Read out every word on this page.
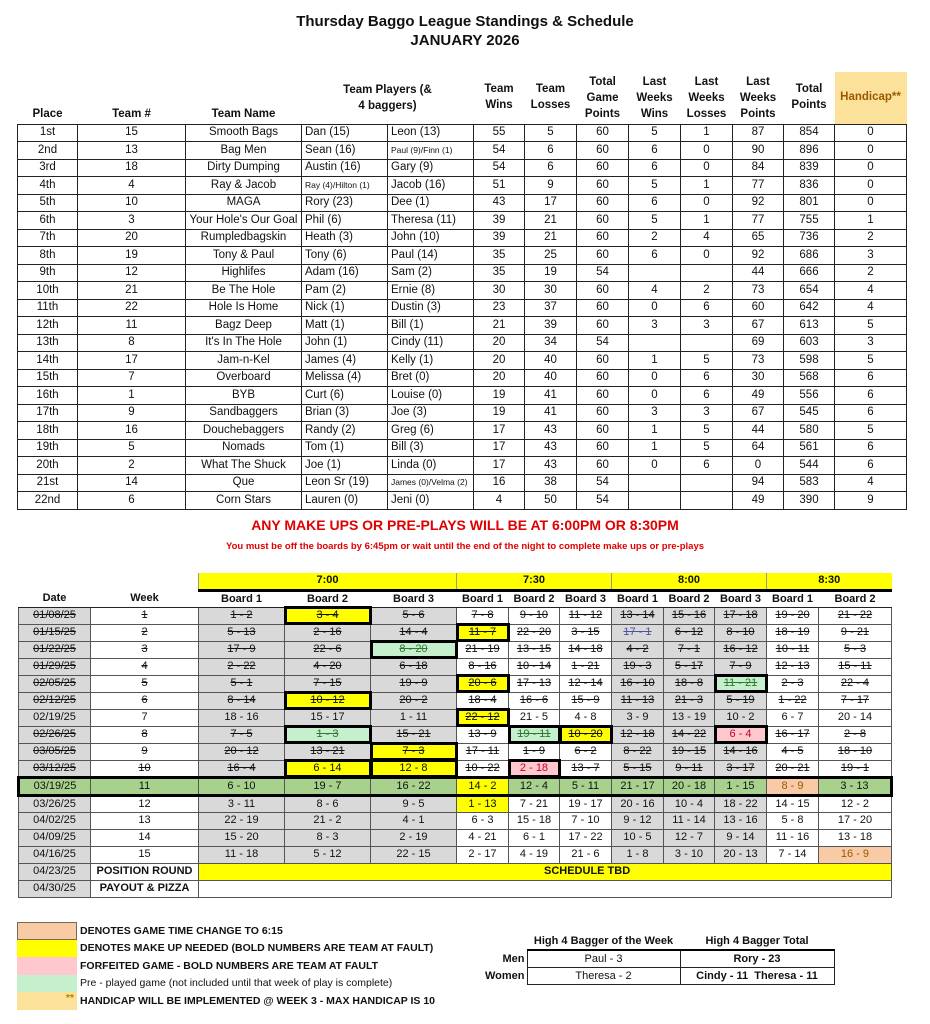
Thursday Baggo League Standings & Schedule
JANUARY 2026
Place	Team #	Team Name	Team Players (& 4 baggers)		Team Wins	Team Losses	Total Game Points	Last Weeks Wins	Last Weeks Losses	Last Weeks Points	Total Points	Handicap**
1st	15	Smooth Bags	Dan (15)	Leon (13)	55	5	60	5	1	87	854	0
2nd	13	Bag Men	Sean (16)	Paul (9)/Finn (1)	54	6	60	6	0	90	896	0
3rd	18	Dirty Dumping	Austin (16)	Gary (9)	54	6	60	6	0	84	839	0
4th	4	Ray & Jacob	Ray (4)/Hilton (1)	Jacob (16)	51	9	60	5	1	77	836	0
5th	10	MAGA	Rory (23)	Dee (1)	43	17	60	6	0	92	801	0
6th	3	Your Hole's Our Goal	Phil (6)	Theresa (11)	39	21	60	5	1	77	755	1
7th	20	Rumpledbagskin	Heath (3)	John (10)	39	21	60	2	4	65	736	2
8th	19	Tony & Paul	Tony (6)	Paul (14)	35	25	60	6	0	92	686	3
9th	12	Highlifes	Adam (16)	Sam (2)	35	19	54			44	666	2
10th	21	Be The Hole	Pam (2)	Ernie (8)	30	30	60	4	2	73	654	4
11th	22	Hole Is Home	Nick (1)	Dustin (3)	23	37	60	0	6	60	642	4
12th	11	Bagz Deep	Matt (1)	Bill (1)	21	39	60	3	3	67	613	5
13th	8	It's In The Hole	John (1)	Cindy (11)	20	34	54			69	603	3
14th	17	Jam-n-Kel	James (4)	Kelly (1)	20	40	60	1	5	73	598	5
15th	7	Overboard	Melissa (4)	Bret (0)	20	40	60	0	6	30	568	6
16th	1	BYB	Curt (6)	Louise (0)	19	41	60	0	6	49	556	6
17th	9	Sandbaggers	Brian (3)	Joe (3)	19	41	60	3	3	67	545	6
18th	16	Douchebaggers	Randy (2)	Greg (6)	17	43	60	1	5	44	580	5
19th	5	Nomads	Tom (1)	Bill (3)	17	43	60	1	5	64	561	6
20th	2	What The Shuck	Joe (1)	Linda (0)	17	43	60	0	6	0	544	6
21st	14	Que	Leon Sr (19)	James (0)/Velma (2)	16	38	54			94	583	4
22nd	6	Corn Stars	Lauren (0)	Jeni (0)	4	50	54			49	390	9
ANY MAKE UPS OR PRE-PLAYS WILL BE AT 6:00PM OR 8:30PM
You must be off the boards by 6:45pm or wait until the end of the night to complete make ups or pre-plays
		7:00			7:30			8:00			8:30	
Date	Week	Board 1	Board 2	Board 3	Board 1	Board 2	Board 3	Board 1	Board 2	Board 3	Board 1	Board 2
01/08/25	1	1 - 2	3 - 4	5 - 6	7 - 8	9 - 10	11 - 12	13 - 14	15 - 16	17 - 18	19 - 20	21 - 22
01/15/25	2	5 - 13	2 - 16	14 - 4	11 - 7	22 - 20	3 - 15	17 - 1	6 - 12	8 - 10	18 - 19	9 - 21
01/22/25	3	17 - 9	22 - 6	8 - 20	21 - 19	13 - 15	14 - 18	4 - 2	7 - 1	16 - 12	10 - 11	5 - 3
01/29/25	4	2 - 22	4 - 20	6 - 18	8 - 16	10 - 14	1 - 21	19 - 3	5 - 17	7 - 9	12 - 13	15 - 11
02/05/25	5	5 - 1	7 - 15	19 - 9	20 - 6	17 - 13	12 - 14	16 - 10	18 - 8	11 - 21	2 - 3	22 - 4
02/12/25	6	8 - 14	10 - 12	20 - 2	18 - 4	16 - 6	15 - 9	11 - 13	21 - 3	5 - 19	1 - 22	7 - 17
02/19/25	7	18 - 16	15 - 17	1 - 11	22 - 12	21 - 5	4 - 8	3 - 9	13 - 19	10 - 2	6 - 7	20 - 14
02/26/25	8	7 - 5	1 - 3	15 - 21	13 - 9	19 - 11	10 - 20	12 - 18	14 - 22	6 - 4	16 - 17	2 - 8
03/05/25	9	20 - 12	13 - 21	7 - 3	17 - 11	1 - 9	6 - 2	8 - 22	19 - 15	14 - 16	4 - 5	18 - 10
03/12/25	10	16 - 4	6 - 14	12 - 8	10 - 22	2 - 18	13 - 7	5 - 15	9 - 11	3 - 17	20 - 21	19 - 1
03/19/25	11	6 - 10	19 - 7	16 - 22	14 - 2	12 - 4	5 - 11	21 - 17	20 - 18	1 - 15	8 - 9	3 - 13
03/26/25	12	3 - 11	8 - 6	9 - 5	1 - 13	7 - 21	19 - 17	20 - 16	10 - 4	18 - 22	14 - 15	12 - 2
04/02/25	13	22 - 19	21 - 2	4 - 1	6 - 3	15 - 18	7 - 10	9 - 12	11 - 14	13 - 16	5 - 8	17 - 20
04/09/25	14	15 - 20	8 - 3	2 - 19	4 - 21	6 - 1	17 - 22	10 - 5	12 - 7	9 - 14	11 - 16	13 - 18
04/16/25	15	11 - 18	5 - 12	22 - 15	2 - 17	4 - 19	21 - 6	1 - 8	3 - 10	20 - 13	7 - 14	16 - 9
04/23/25	POSITION ROUND	SCHEDULE TBD										
04/30/25	PAYOUT & PIZZA											
DENOTES GAME TIME CHANGE TO 6:15
DENOTES MAKE UP NEEDED (BOLD NUMBERS ARE TEAM AT FAULT)
FORFEITED GAME - BOLD NUMBERS ARE TEAM AT FAULT
Pre - played game (not included until that week of play is complete)
** HANDICAP WILL BE IMPLEMENTED @ WEEK 3 - MAX HANDICAP IS 10
	High 4 Bagger of the Week	High 4 Bagger Total
Men	Paul - 3	Rory - 23
Women	Theresa - 2	Cindy - 11  Theresa - 11
